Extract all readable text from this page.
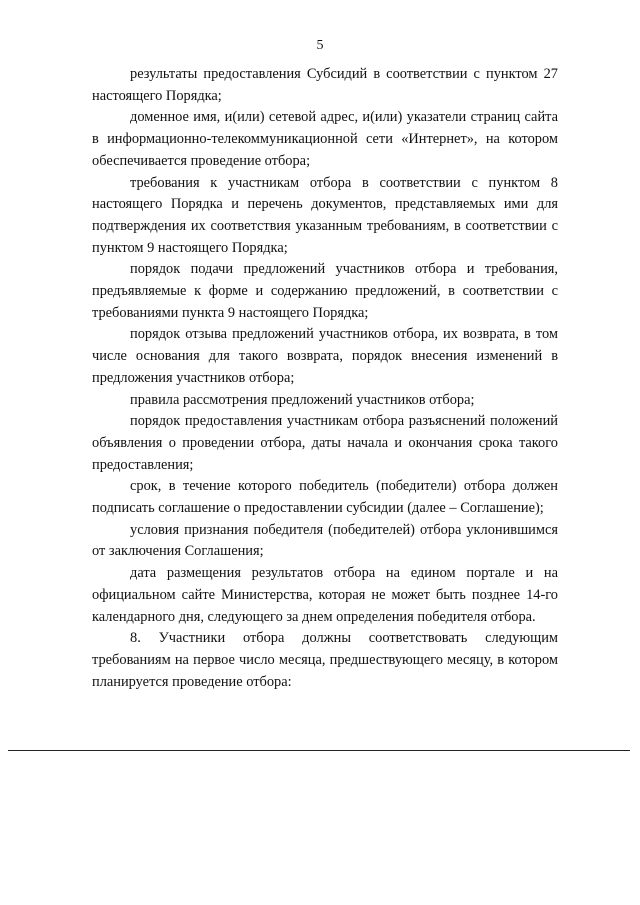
5

результаты предоставления Субсидий в соответствии с пунктом 27 настоящего Порядка;

доменное имя, и(или) сетевой адрес, и(или) указатели страниц сайта в информационно-телекоммуникационной сети «Интернет», на котором обеспечивается проведение отбора;

требования к участникам отбора в соответствии с пунктом 8 настоящего Порядка и перечень документов, представляемых ими для подтверждения их соответствия указанным требованиям, в соответствии с пунктом 9 настоящего Порядка;

порядок подачи предложений участников отбора и требования, предъявляемые к форме и содержанию предложений, в соответствии с требованиями пункта 9 настоящего Порядка;

порядок отзыва предложений участников отбора, их возврата, в том числе основания для такого возврата, порядок внесения изменений в предложения участников отбора;

правила рассмотрения предложений участников отбора;

порядок предоставления участникам отбора разъяснений положений объявления о проведении отбора, даты начала и окончания срока такого предоставления;

срок, в течение которого победитель (победители) отбора должен подписать соглашение о предоставлении субсидии (далее – Соглашение);

условия признания победителя (победителей) отбора уклонившимся от заключения Соглашения;

дата размещения результатов отбора на едином портале и на официальном сайте Министерства, которая не может быть позднее 14-го календарного дня, следующего за днем определения победителя отбора.

8. Участники отбора должны соответствовать следующим требованиям на первое число месяца, предшествующего месяцу, в котором планируется проведение отбора:
